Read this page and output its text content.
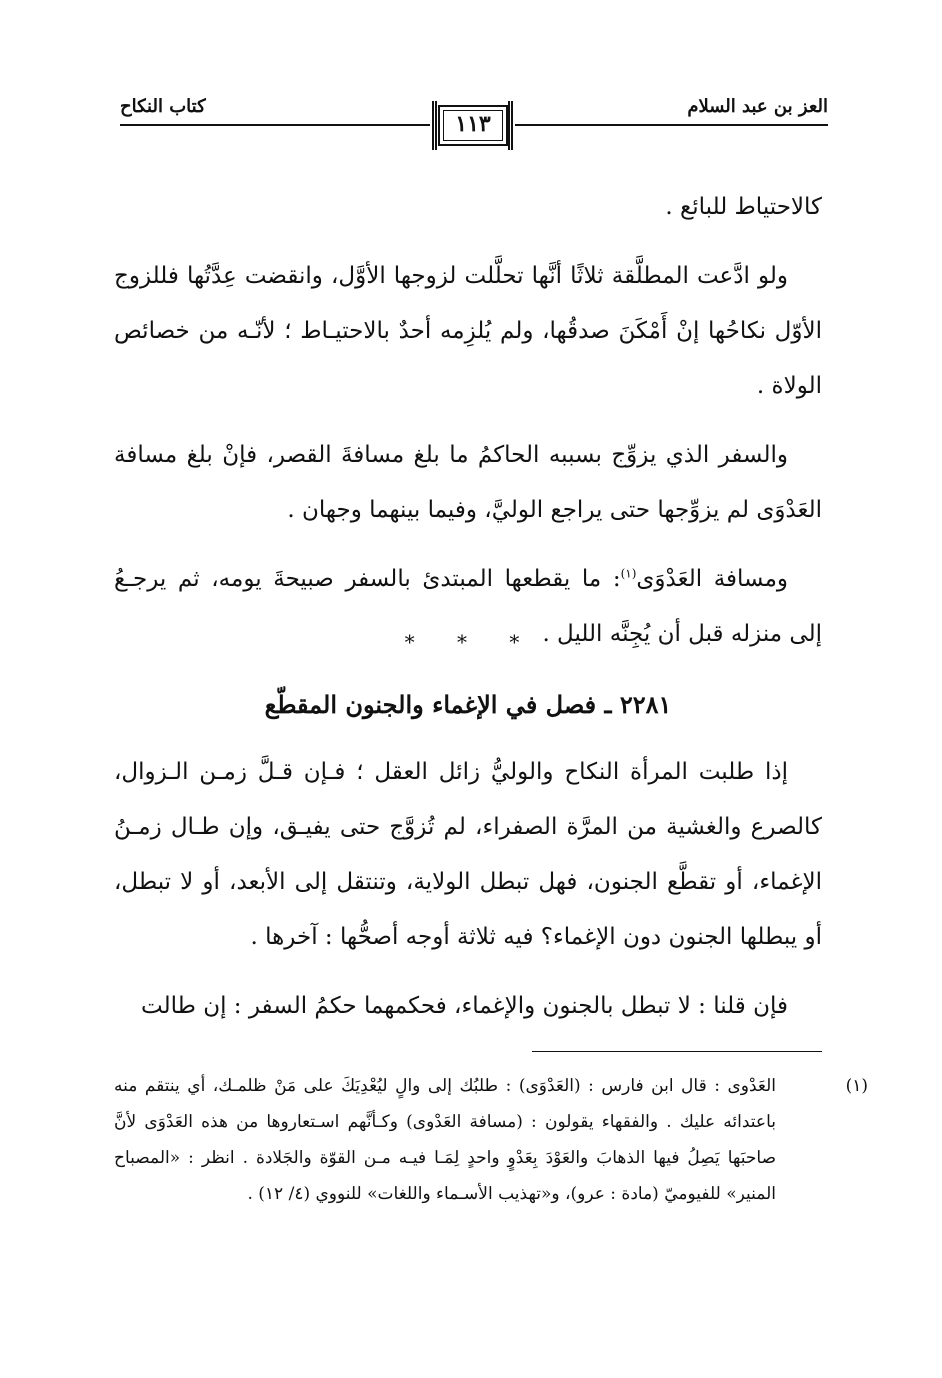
العز بن عبد السلام
كتاب النكاح
١١٣

كالاحتياط للبائع .

ولو ادَّعت المطلَّقة ثلاثًا أنَّها تحلَّلت لزوجها الأوَّل، وانقضت عِدَّتُها فللزوج الأوّل نكاحُها إنْ أَمْكَنَ صدقُها، ولم يُلزِمه أحدٌ بالاحتيـاط ؛ لأنّـه من خصائص الولاة .

والسفر الذي يزوِّج بسببه الحاكمُ ما بلغ مسافةَ القصر، فإنْ بلغ مسافة العَدْوَى لم يزوِّجها حتى يراجع الوليَّ، وفيما بينهما وجهان .

ومسافة العَدْوَى$^{(١)}$: ما يقطعها المبتدئ بالسفر صبيحةَ يومه، ثم يرجـعُ إلى منزله قبل أن يُجِنَّه الليل .

* * *
٢٢٨١ ـ فصل في الإغماء والجنون المقطّع

إذا طلبت المرأة النكاح والوليُّ زائل العقل ؛ فـإن قـلَّ زمـن الـزوال، كالصرع والغشية من المرَّة الصفراء، لم تُزوَّج حتى يفيـق، وإن طـال زمـنُ الإغماء، أو تقطَّع الجنون، فهل تبطل الولاية، وتنتقل إلى الأبعد، أو لا تبطل، أو يبطلها الجنون دون الإغماء؟ فيه ثلاثة أوجه أصحُّها : آخرها .

فإن قلنا : لا تبطل بالجنون والإغماء، فحكمهما حكمُ السفر : إن طالت

(١)العَدْوى : قال ابن فارس : (العَدْوَى) : طلبُك إلى والٍ ليُعْدِيَكَ على مَنْ ظلمـك، أي ينتقم منه باعتدائه عليك . والفقهاء يقولون : (مسافة العَدْوى) وكـأنَّهم اسـتعاروها من هذه العَدْوَى لأنَّ صاحبَها يَصِلُ فيها الذهابَ والعَوْدَ بِعَدْوٍ واحدٍ لِمَـا فيـه مـن القوّة والجَلادة . انظر : «المصباح المنير» للفيوميّ (مادة : عرو)، و«تهذيب الأسـماء واللغات» للنووي (٤/ ١٢) .
